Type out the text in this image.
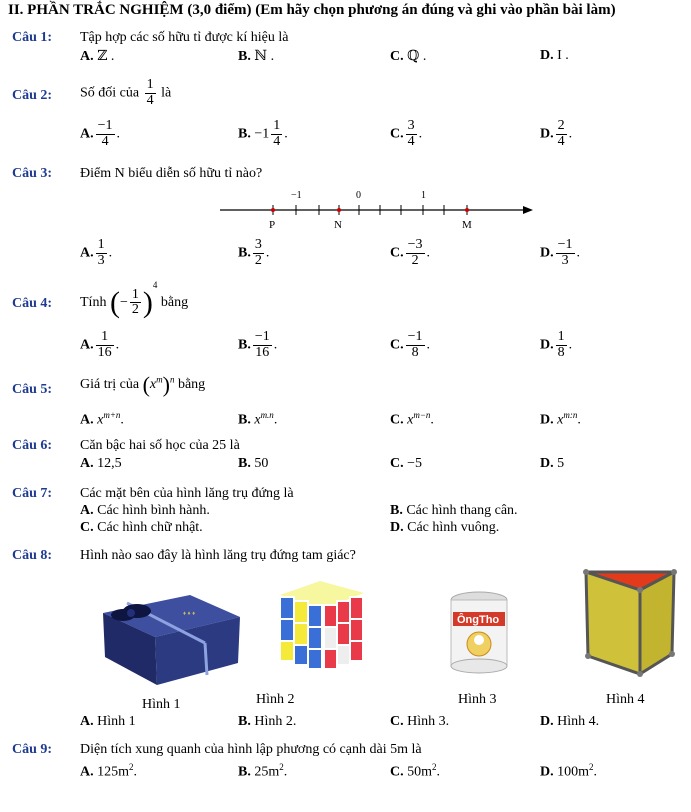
II. PHẦN TRẮC NGHIỆM (3,0 điểm) (Em hãy chọn phương án đúng và ghi vào phần bài làm)
Câu 1: Tập hợp các số hữu tỉ được kí hiệu là
A. ℤ .	B. ℕ .	C. ℚ .	D. I .
Câu 2: Số đối của $\frac{1}{4}$ là
A. $\frac{-1}{4}$ .	B. $-1 \frac{1}{4}$ .	C. $\frac{3}{4}$ .	D. $\frac{2}{4}$ .
Câu 3: Điểm N biểu diễn số hữu tỉ nào?
−1	0	1
P	N	M
A. $\frac{1}{3}$ .	B. $\frac{3}{2}$ .	C. $\frac{-3}{2}$ .	D. $\frac{-1}{3}$ .
Câu 4: Tính (− $\frac{1}{2} )^4$ bằng
A. $\frac{1}{16}$ .	B. $\frac{-1}{16}$ .	C. $\frac{-1}{8}$ .	D. $\frac{1}{8}$ .
Câu 5: Giá trị của $(x^m)^n$ bằng
A. $x^{m+n}$.	B. $x^{m.n}$.	C. $x^{m-n}$.	D. $x^{m:n}$.
Câu 6: Căn bậc hai số học của 25 là
A. 12,5	B. 50	C. −5	D. 5
Câu 7: Các mặt bên của hình lăng trụ đứng là
A. Các hình bình hành.	B. Các hình thang cân.
C. Các hình chữ nhật.	D. Các hình vuông.
Câu 8: Hình nào sao đây là hình lăng trụ đứng tam giác?
♦ ♦ ♦	ÔngTho
Hình 1	Hình 2	Hình 3	Hình 4
A. Hình 1	B. Hình 2.	C. Hình 3.	D. Hình 4.
Câu 9: Diện tích xung quanh của hình lập phương có cạnh dài 5m là
A. $125m^2$.	B. $25m^2$.	C. $50m^2$.	D. $100m^2$.
